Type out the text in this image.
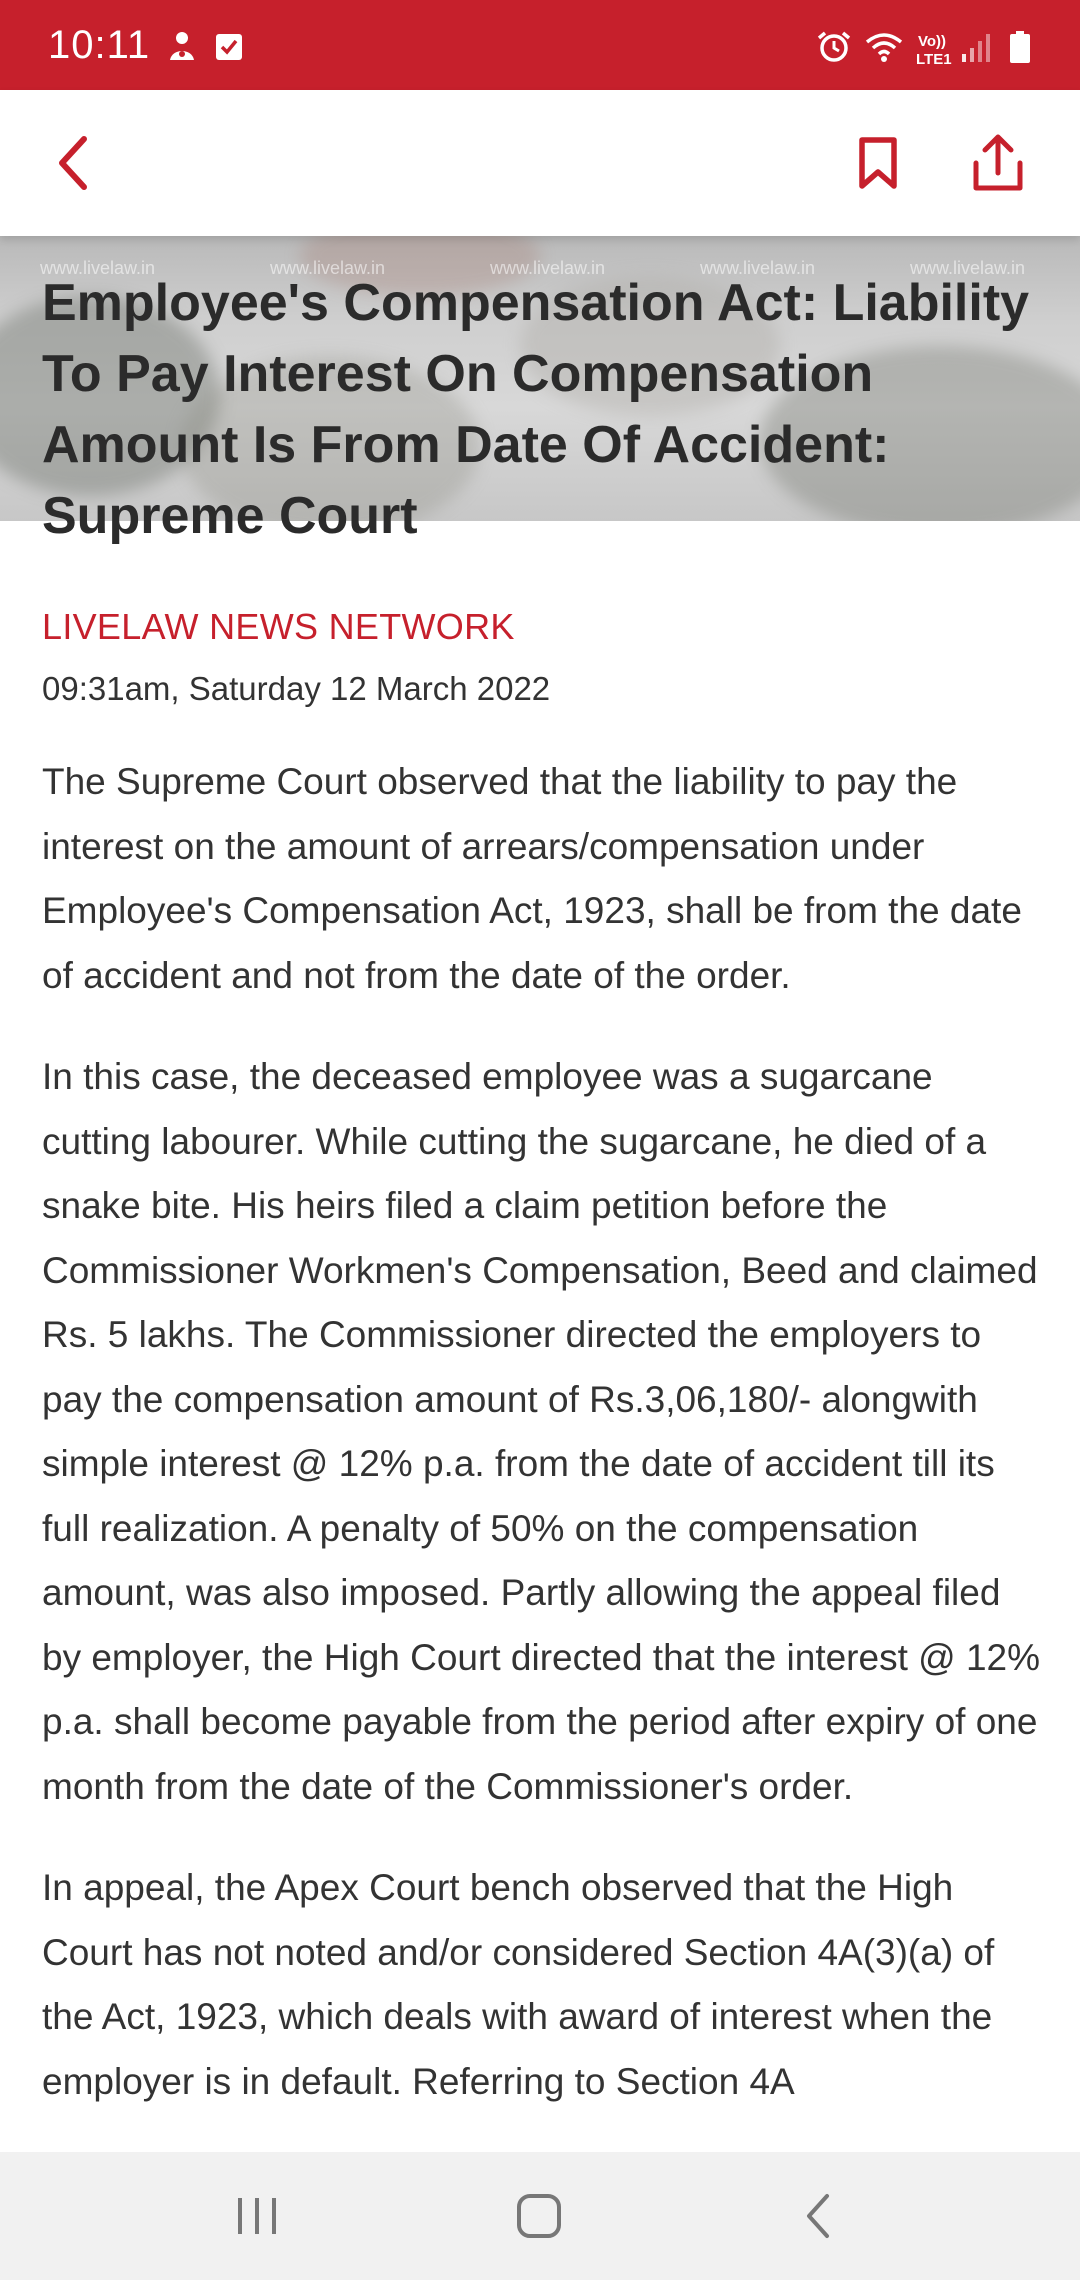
10:11	Vo))
LTE1
www.livelaw.in	www.livelaw.in	www.livelaw.in	www.livelaw.in	www.livelaw.in
Employee's Compensation Act: Liability To Pay Interest On Compensation Amount Is From Date Of Accident: Supreme Court
LIVELAW NEWS NETWORK
09:31am, Saturday 12 March 2022

The Supreme Court observed that the liability to pay the interest on the amount of arrears/compensation under Employee's Compensation Act, 1923, shall be from the date of accident and not from the date of the order.

In this case, the deceased employee was a sugarcane cutting labourer. While cutting the sugarcane, he died of a snake bite. His heirs filed a claim petition before the Commissioner Workmen's Compensation, Beed and claimed Rs. 5 lakhs. The Commissioner directed the employers to pay the compensation amount of Rs.3,06,180/- alongwith simple interest @ 12% p.a. from the date of accident till its full realization. A penalty of 50% on the compensation amount, was also imposed. Partly allowing the appeal filed by employer, the High Court directed that the interest @ 12% p.a. shall become payable from the period after expiry of one month from the date of the Commissioner's order.

In appeal, the Apex Court bench observed that the High Court has not noted and/or considered Section 4A(3)(a) of the Act, 1923, which deals with award of interest when the employer is in default. Referring to Section 4A
